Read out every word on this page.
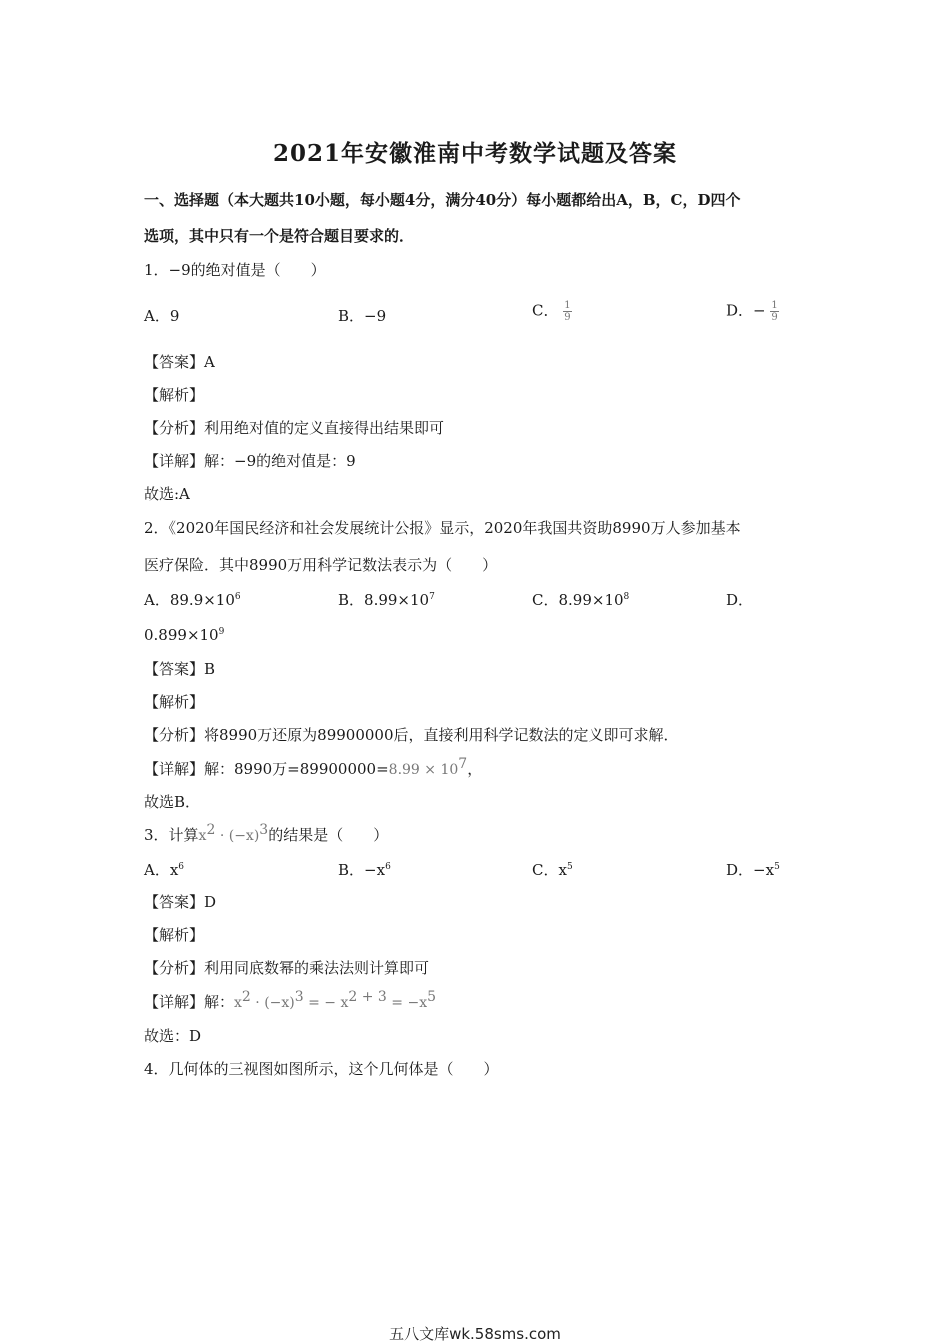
2021年安徽淮南中考数学试题及答案
一、选择题（本大题共10小题，每小题4分，满分40分）每小题都给出A，B，C，D四个
选项，其中只有一个是符合题目要求的．
1．−9的绝对值是（　　）
A．9	B．−9	C． $\frac{1}{9}$	D．− $\frac{1}{9}$
【答案】A
【解析】
【分析】利用绝对值的定义直接得出结果即可
【详解】解：−9的绝对值是：9
故选:A
2．《2020年国民经济和社会发展统计公报》显示，2020年我国共资助8990万人参加基本
医疗保险．其中8990万用科学记数法表示为（　　）
A．$89.9\times 10^6$	B．$8.99\times 10^7$	C．$8.99\times 10^8$	D．
$0.899\times 10^9$
【答案】B
【解析】
【分析】将8990万还原为89900000后，直接利用科学记数法的定义即可求解．
【详解】解：8990万$=89900000=8.99 \times 10^7$，
故选B．
3．计算$x^2 \cdot (-x)^3$的结果是（　　）
A．$x^6$	B．$-x^6$	C．$x^5$	D．$-x^5$
【答案】D
【解析】
【分析】利用同底数幂的乘法法则计算即可
【详解】解：$x^2 \cdot (-x)^3$ = − $x^{2 + 3} = -x^5$
故选：D
4．几何体的三视图如图所示，这个几何体是（　　）
五八文库wk.58sms.com
